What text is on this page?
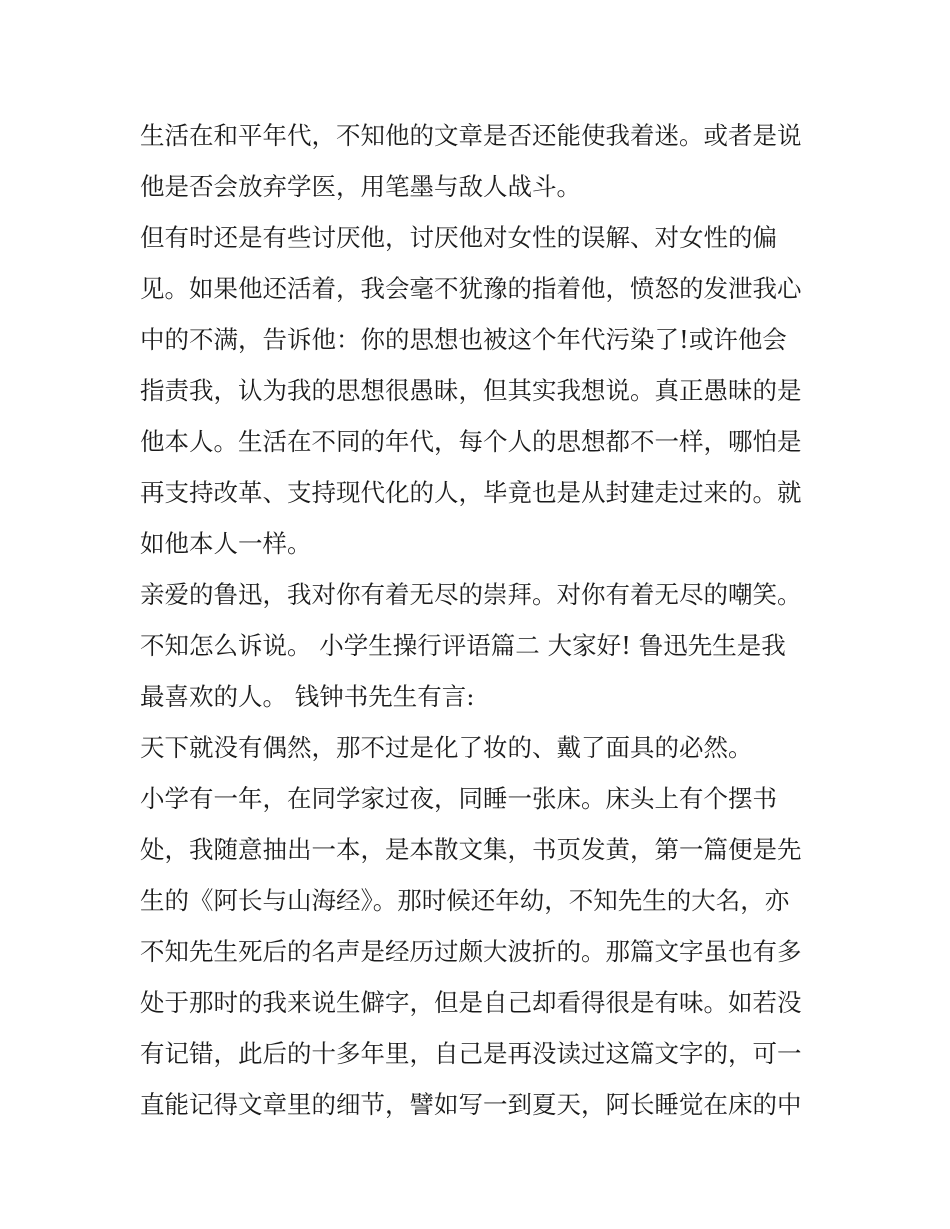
生活在和平年代，不知他的文章是否还能使我着迷。或者是说
他是否会放弃学医，用笔墨与敌人战斗。
但有时还是有些讨厌他，讨厌他对女性的误解、对女性的偏
见。如果他还活着，我会毫不犹豫的指着他，愤怒的发泄我心
中的不满，告诉他：你的思想也被这个年代污染了!或许他会
指责我，认为我的思想很愚昧，但其实我想说。真正愚昧的是
他本人。生活在不同的年代，每个人的思想都不一样，哪怕是
再支持改革、支持现代化的人，毕竟也是从封建走过来的。就
如他本人一样。
亲爱的鲁迅，我对你有着无尽的崇拜。对你有着无尽的嘲笑。
不知怎么诉说。 小学生操行评语篇二 大家好! 鲁迅先生是我
最喜欢的人。 钱钟书先生有言:
天下就没有偶然，那不过是化了妆的、戴了面具的必然。
小学有一年，在同学家过夜，同睡一张床。床头上有个摆书
处，我随意抽出一本，是本散文集，书页发黄，第一篇便是先
生的《阿长与山海经》。那时候还年幼，不知先生的大名，亦
不知先生死后的名声是经历过颇大波折的。那篇文字虽也有多
处于那时的我来说生僻字，但是自己却看得很是有味。如若没
有记错，此后的十多年里，自己是再没读过这篇文字的，可一
直能记得文章里的细节，譬如写一到夏天，阿长睡觉在床的中
